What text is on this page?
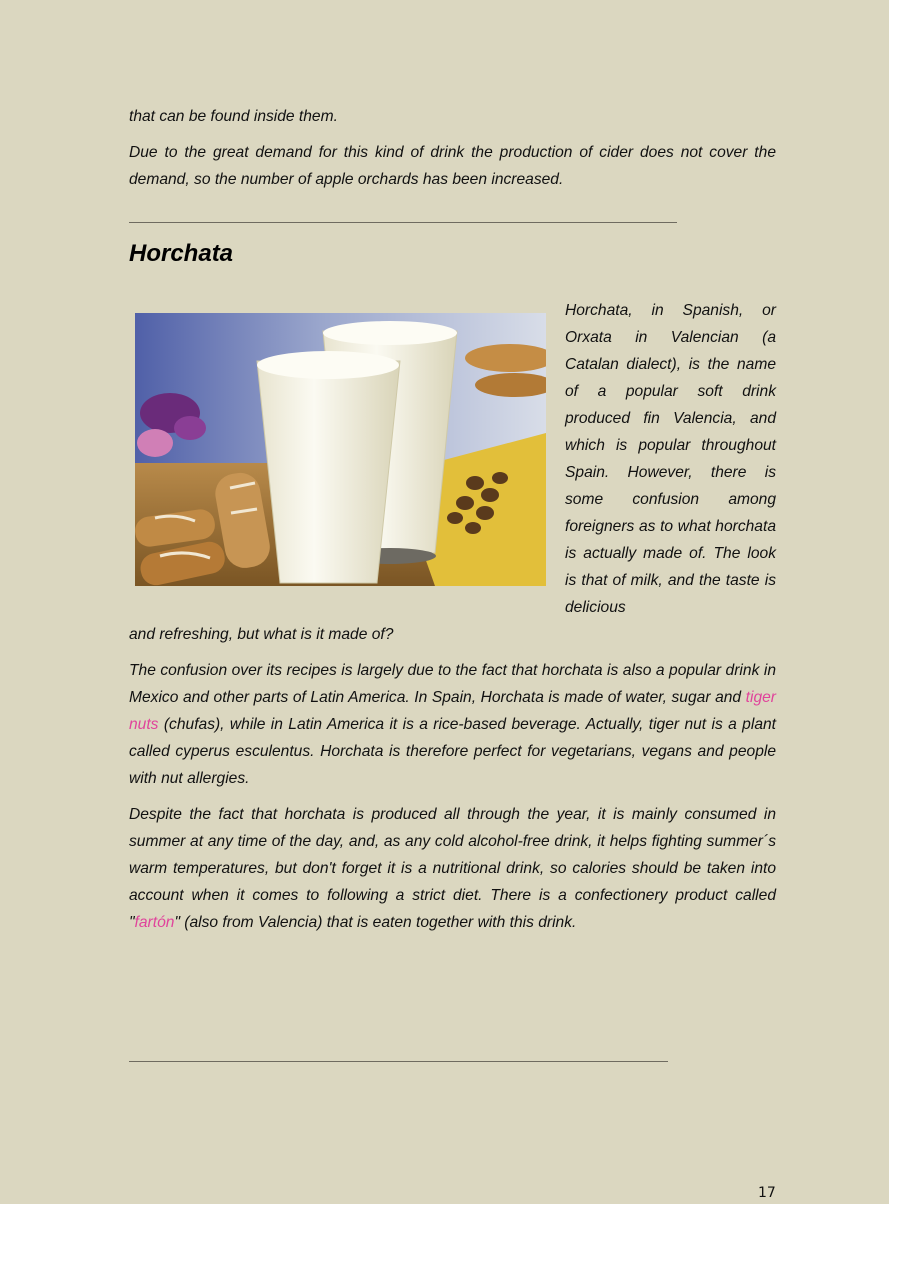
that can be found inside them.

Due to the great demand for this kind of drink the production of cider does not cover the demand, so the number of apple orchards has been increased.

Horchata
Horchata, in Spanish, or Orxata in Valencian (a Catalan dialect), is the name of a popular soft drink produced fin Valencia, and which is popular throughout Spain. However, there is some confusion among foreigners as to what horchata is actually made of. The look is that of milk, and the taste is delicious

and refreshing, but what is it made of?

The confusion over its recipes is largely due to the fact that horchata is also a popular drink in Mexico and other parts of Latin America. In Spain, Horchata is made of water, sugar and tiger nuts (chufas), while in Latin America it is a rice-based beverage. Actually, tiger nut is a plant called cyperus esculentus. Horchata is therefore perfect for vegetarians, vegans and people with nut allergies.

Despite the fact that horchata is produced all through the year, it is mainly consumed in summer at any time of the day, and, as any cold alcohol-free drink, it helps fighting summer´s warm temperatures, but don't forget it is a nutritional drink, so calories should be taken into account when it comes to following a strict diet. There is a confectionery product called "fartón" (also from Valencia) that is eaten together with this drink.

17
